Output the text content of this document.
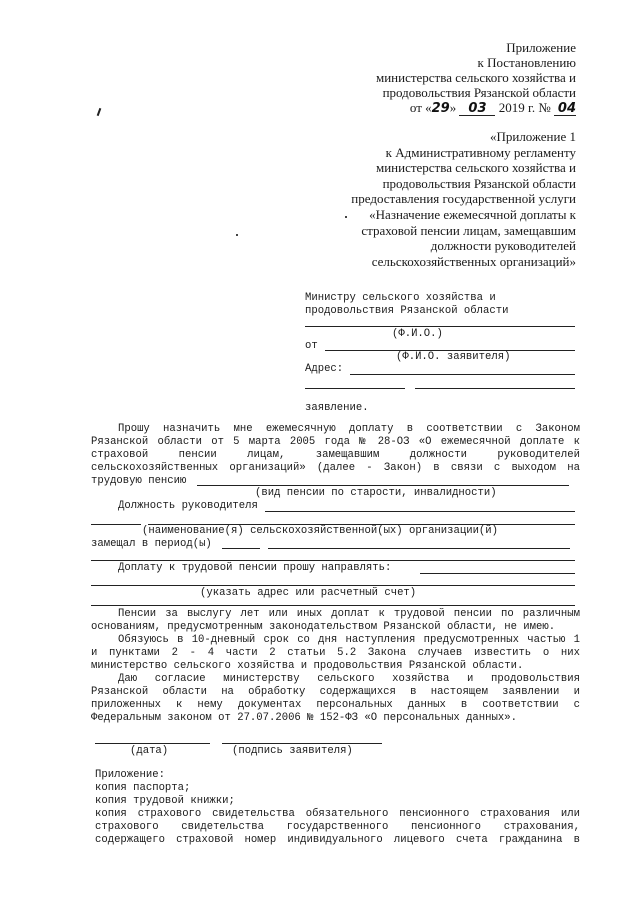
Приложение
к Постановлению
министерства сельского хозяйства и
продовольствия Рязанской области
от «29» 03 2019 г. № 04
«Приложение 1
к Административному регламенту
министерства сельского хозяйства и
продовольствия Рязанской области
предоставления государственной услуги
«Назначение ежемесячной доплаты к
страховой пенсии лицам, замещавшим
должности руководителей
сельскохозяйственных организаций»
Министру сельского хозяйства и
продовольствия Рязанской области
(Ф.И.О.)
от
(Ф.И.О. заявителя)
Адрес:
заявление.
Прошу назначить мне ежемесячную доплату в соответствии с Законом
Рязанской области от 5 марта 2005 года № 28-ОЗ «О ежемесячной доплате к
страховой пенсии лицам, замещавшим должности руководителей
сельскохозяйственных организаций» (далее - Закон) в связи с выходом на
трудовую пенсию
(вид пенсии по старости, инвалидности)
Должность руководителя
(наименование(я) сельскохозяйственной(ых) организации(й)
замещал в период(ы)
Доплату к трудовой пенсии прошу направлять:
(указать адрес или расчетный счет)
Пенсии за выслугу лет или иных доплат к трудовой пенсии по различным
основаниям, предусмотренным законодательством Рязанской области, не имею.
Обязуюсь в 10-дневный срок со дня наступления предусмотренных частью 1
и пунктами 2 - 4 части 2 статьи 5.2 Закона случаев известить о них
министерство сельского хозяйства и продовольствия Рязанской области.
Даю согласие министерству сельского хозяйства и продовольствия
Рязанской области на обработку содержащихся в настоящем заявлении и
приложенных к нему документах персональных данных в соответствии с
Федеральным законом от 27.07.2006 № 152-ФЗ «О персональных данных».
(дата)	(подпись заявителя)
Приложение:
копия паспорта;
копия трудовой книжки;
копия страхового свидетельства обязательного пенсионного страхования или
страхового свидетельства государственного пенсионного страхования,
содержащего страховой номер индивидуального лицевого счета гражданина в
